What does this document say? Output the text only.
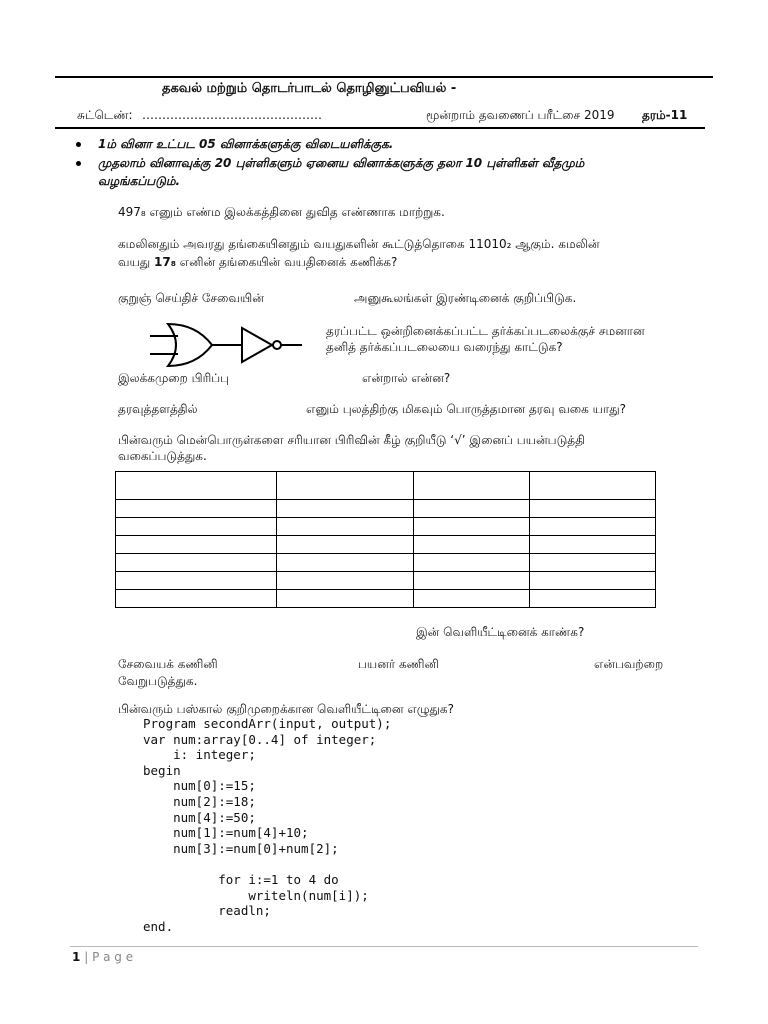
தகவல் மற்றும் தொடர்பாடல் தொழினுட்பவியல் -
சுட்டெண்: ………………………………………	மூன்றாம் தவணைப் பரீட்சை 2019 தரம்-11
1ம் வினா உட்பட 05 வினாக்களுக்கு விடையளிக்குக.
முதலாம் வினாவுக்கு 20 புள்ளிகளும் ஏனைய வினாக்களுக்கு தலா 10 புள்ளிகள் வீதமும்
வழங்கப்படும்.
497₈ எனும் எண்ம இலக்கத்தினை துவித எண்ணாக மாற்றுக.
கமலினதும் அவரது தங்கையினதும் வயதுகளின் கூட்டுத்தொகை 11010₂ ஆகும். கமலின்
வயது 17₈ எனின் தங்கையின் வயதினைக் கணிக்க?
குறுஞ் செய்திச் சேவையின்	அனுகூலங்கள் இரண்டினைக் குறிப்பிடுக.
தரப்பட்ட ஒன்றினைக்கப்பட்ட தர்க்கப்படலைக்குச் சமனான
தனித் தர்க்கப்படலையை வரைந்து காட்டுக?
இலக்கமுறை பிரிப்பு	என்றால் என்ன?
தரவுத்தளத்தில்	எனும் புலத்திற்கு மிகவும் பொருத்தமான தரவு வகை யாது?
பின்வரும் மென்பொருள்களை சரியான பிரிவின் கீழ் குறியீடு ‘√’ இனைப் பயன்படுத்தி
வகைப்படுத்துக.

இன் வெளியீட்டினைக் காண்க?
சேவையக் கணினி	பயனர் கணினி	என்பவற்றை
வேறுபடுத்துக.
பின்வரும் பஸ்கால் குறிமுறைக்கான வெளியீட்டினை எழுதுக?
Program secondArr(input, output);
var num:array[0..4] of integer;
i: integer;
begin
num[0]:=15;
num[2]:=18;
num[4]:=50;
num[1]:=num[4]+10;
num[3]:=num[0]+num[2];
for i:=1 to 4 do
writeln(num[i]);
readln;
end.
1 | P a g e
